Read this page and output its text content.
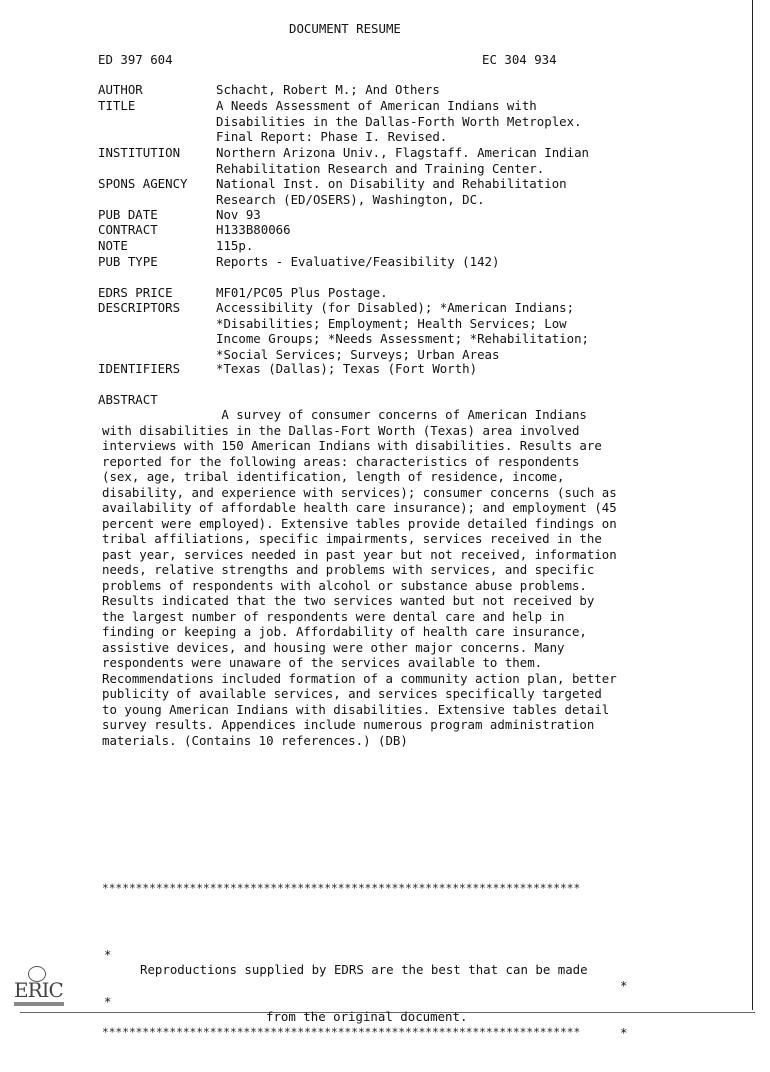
DOCUMENT RESUME
ED 397 604	EC 304 934
AUTHOR	Schacht, Robert M.; And Others
TITLE	A Needs Assessment of American Indians with
Disabilities in the Dallas-Forth Worth Metroplex.
Final Report: Phase I. Revised.
INSTITUTION	Northern Arizona Univ., Flagstaff. American Indian
Rehabilitation Research and Training Center.
SPONS AGENCY	National Inst. on Disability and Rehabilitation
Research (ED/OSERS), Washington, DC.
PUB DATE	Nov 93
CONTRACT	H133B80066
NOTE	115p.
PUB TYPE	Reports - Evaluative/Feasibility (142)
EDRS PRICE	MF01/PC05 Plus Postage.
DESCRIPTORS	Accessibility (for Disabled); *American Indians;
*Disabilities; Employment; Health Services; Low
Income Groups; *Needs Assessment; *Rehabilitation;
*Social Services; Surveys; Urban Areas
IDENTIFIERS	*Texas (Dallas); Texas (Fort Worth)
ABSTRACT
A survey of consumer concerns of American Indians
with disabilities in the Dallas-Fort Worth (Texas) area involved
interviews with 150 American Indians with disabilities. Results are
reported for the following areas: characteristics of respondents
(sex, age, tribal identification, length of residence, income,
disability, and experience with services); consumer concerns (such as
availability of affordable health care insurance); and employment (45
percent were employed). Extensive tables provide detailed findings on
tribal affiliations, specific impairments, services received in the
past year, services needed in past year but not received, information
needs, relative strengths and problems with services, and specific
problems of respondents with alcohol or substance abuse problems.
Results indicated that the two services wanted but not received by
the largest number of respondents were dental care and help in
finding or keeping a job. Affordability of health care insurance,
assistive devices, and housing were other major concerns. Many
respondents were unaware of the services available to them.
Recommendations included formation of a community action plan, better
publicity of available services, and services specifically targeted
to young American Indians with disabilities. Extensive tables detail
survey results. Appendices include numerous program administration
materials. (Contains 10 references.) (DB)

***********************************************************************

*

Reproductions supplied by EDRS are the best that can be made

*

*

from the original document.

*

***********************************************************************

ERIC
